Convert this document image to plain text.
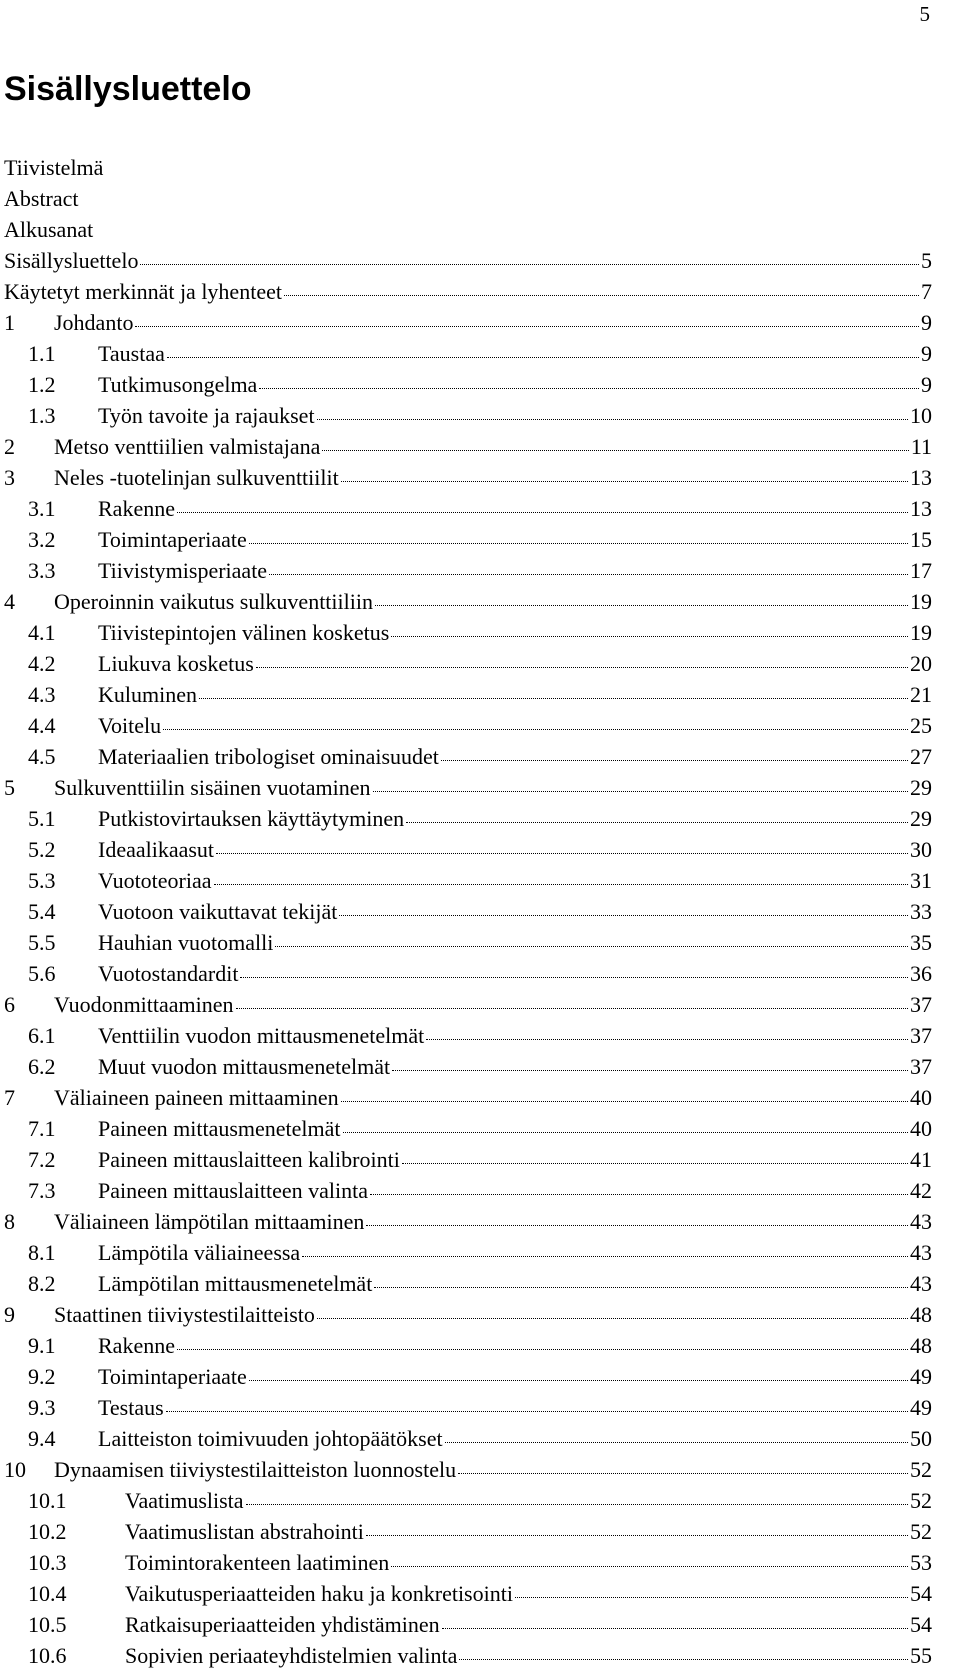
5
Sisällysluettelo
Tiivistelmä
Abstract
Alkusanat
Sisällysluettelo	5
Käytetyt merkinnät ja lyhenteet	7
1	Johdanto	9
1.1	Taustaa	9
1.2	Tutkimusongelma	9
1.3	Työn tavoite ja rajaukset	10
2	Metso venttiilien valmistajana	11
3	Neles -tuotelinjan sulkuventtiilit	13
3.1	Rakenne	13
3.2	Toimintaperiaate	15
3.3	Tiivistymisperiaate	17
4	Operoinnin vaikutus sulkuventtiiliin	19
4.1	Tiivistepintojen välinen kosketus	19
4.2	Liukuva kosketus	20
4.3	Kuluminen	21
4.4	Voitelu	25
4.5	Materiaalien tribologiset ominaisuudet	27
5	Sulkuventtiilin sisäinen vuotaminen	29
5.1	Putkistovirtauksen käyttäytyminen	29
5.2	Ideaalikaasut	30
5.3	Vuototeoriaa	31
5.4	Vuotoon vaikuttavat tekijät	33
5.5	Hauhian vuotomalli	35
5.6	Vuotostandardit	36
6	Vuodonmittaaminen	37
6.1	Venttiilin vuodon mittausmenetelmät	37
6.2	Muut vuodon mittausmenetelmät	37
7	Väliaineen paineen mittaaminen	40
7.1	Paineen mittausmenetelmät	40
7.2	Paineen mittauslaitteen kalibrointi	41
7.3	Paineen mittauslaitteen valinta	42
8	Väliaineen lämpötilan mittaaminen	43
8.1	Lämpötila väliaineessa	43
8.2	Lämpötilan mittausmenetelmät	43
9	Staattinen tiiviystestilaitteisto	48
9.1	Rakenne	48
9.2	Toimintaperiaate	49
9.3	Testaus	49
9.4	Laitteiston toimivuuden johtopäätökset	50
10	Dynaamisen tiiviystestilaitteiston luonnostelu	52
10.1	Vaatimuslista	52
10.2	Vaatimuslistan abstrahointi	52
10.3	Toimintorakenteen laatiminen	53
10.4	Vaikutusperiaatteiden haku ja konkretisointi	54
10.5	Ratkaisuperiaatteiden yhdistäminen	54
10.6	Sopivien periaateyhdistelmien valinta	55
